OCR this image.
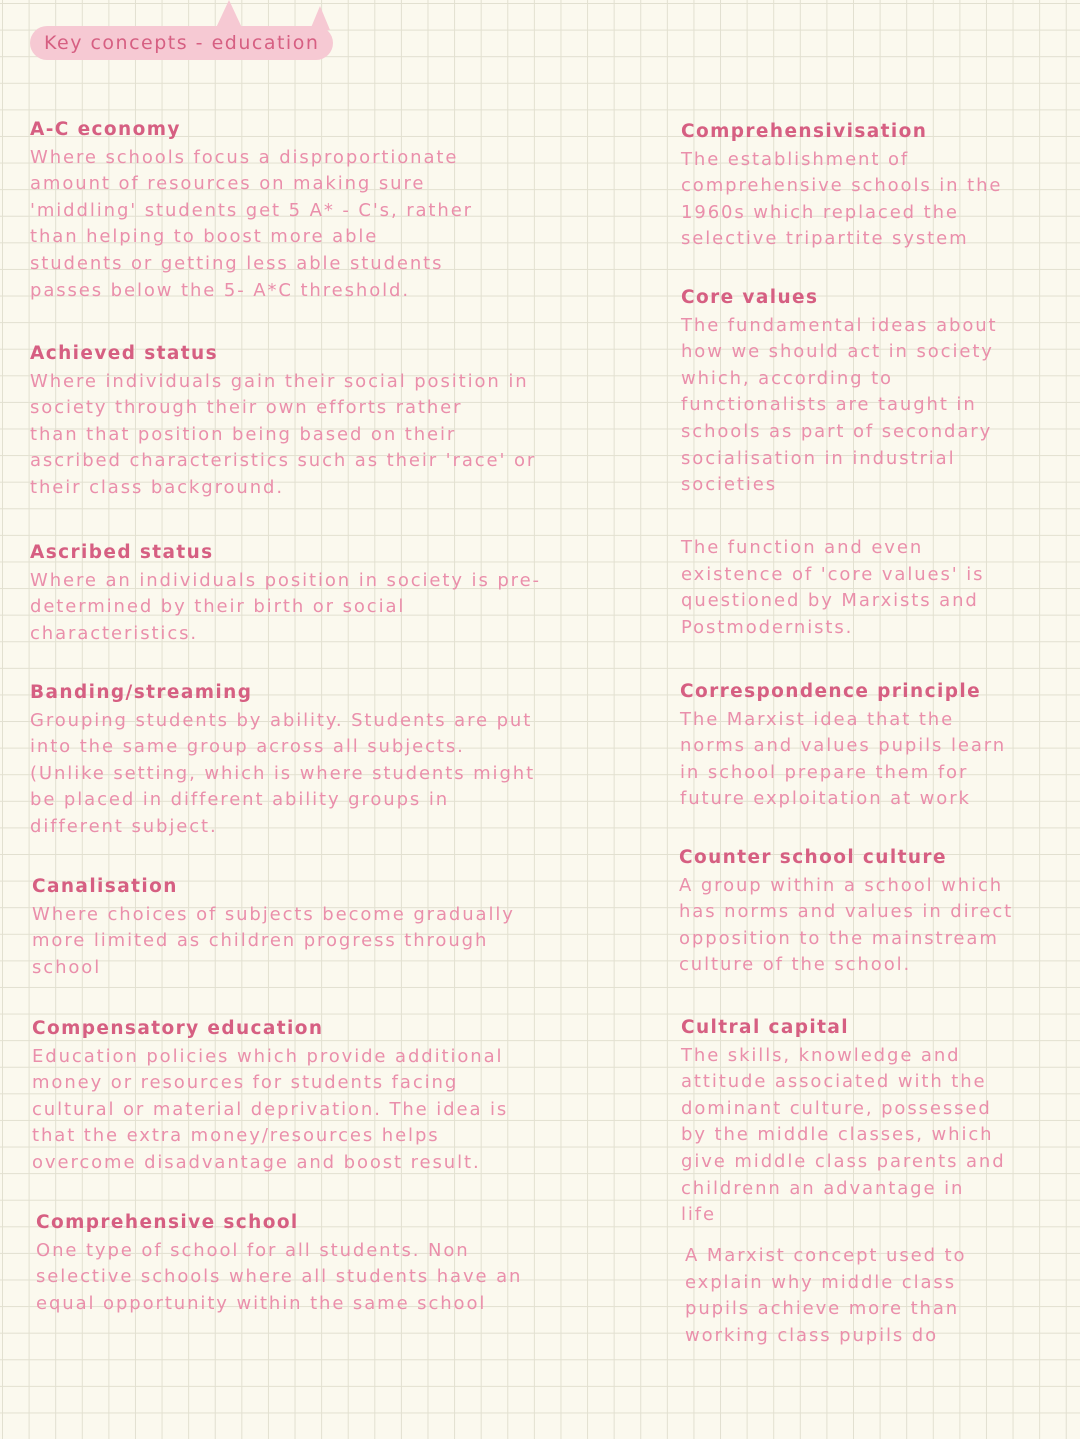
Key concepts - education
A-C economy
Where schools focus a disproportionate
amount of resources on making sure
'middling' students get 5 A* - C's, rather
than helping to boost more able
students or getting less able students
passes below the 5- A*C threshold.
Achieved status
Where individuals gain their social position in
society through their own efforts rather
than that position being based on their
ascribed characteristics such as their 'race' or
their class background.
Ascribed status
Where an individuals position in society is pre-
determined by their birth or social
characteristics.
Banding/streaming
Grouping students by ability. Students are put
into the same group across all subjects.
(Unlike setting, which is where students might
be placed in different ability groups in
different subject.
Canalisation
Where choices of subjects become gradually
more limited as children progress through
school
Compensatory education
Education policies which provide additional
money or resources for students facing
cultural or material deprivation. The idea is
that the extra money/resources helps
overcome disadvantage and boost result.
Comprehensive school
One type of school for all students. Non
selective schools where all students have an
equal opportunity within the same school
Comprehensivisation
The establishment of
comprehensive schools in the
1960s which replaced the
selective tripartite system
Core values
The fundamental ideas about
how we should act in society
which, according to
functionalists are taught in
schools as part of secondary
socialisation in industrial
societies
The function and even
existence of 'core values' is
questioned by Marxists and
Postmodernists.
Correspondence principle
The Marxist idea that the
norms and values pupils learn
in school prepare them for
future exploitation at work
Counter school culture
A group within a school which
has norms and values in direct
opposition to the mainstream
culture of the school.
Cultral capital
The skills, knowledge and
attitude associated with the
dominant culture, possessed
by the middle classes, which
give middle class parents and
childrenn an advantage in
life
A Marxist concept used to
explain why middle class
pupils achieve more than
working class pupils do
